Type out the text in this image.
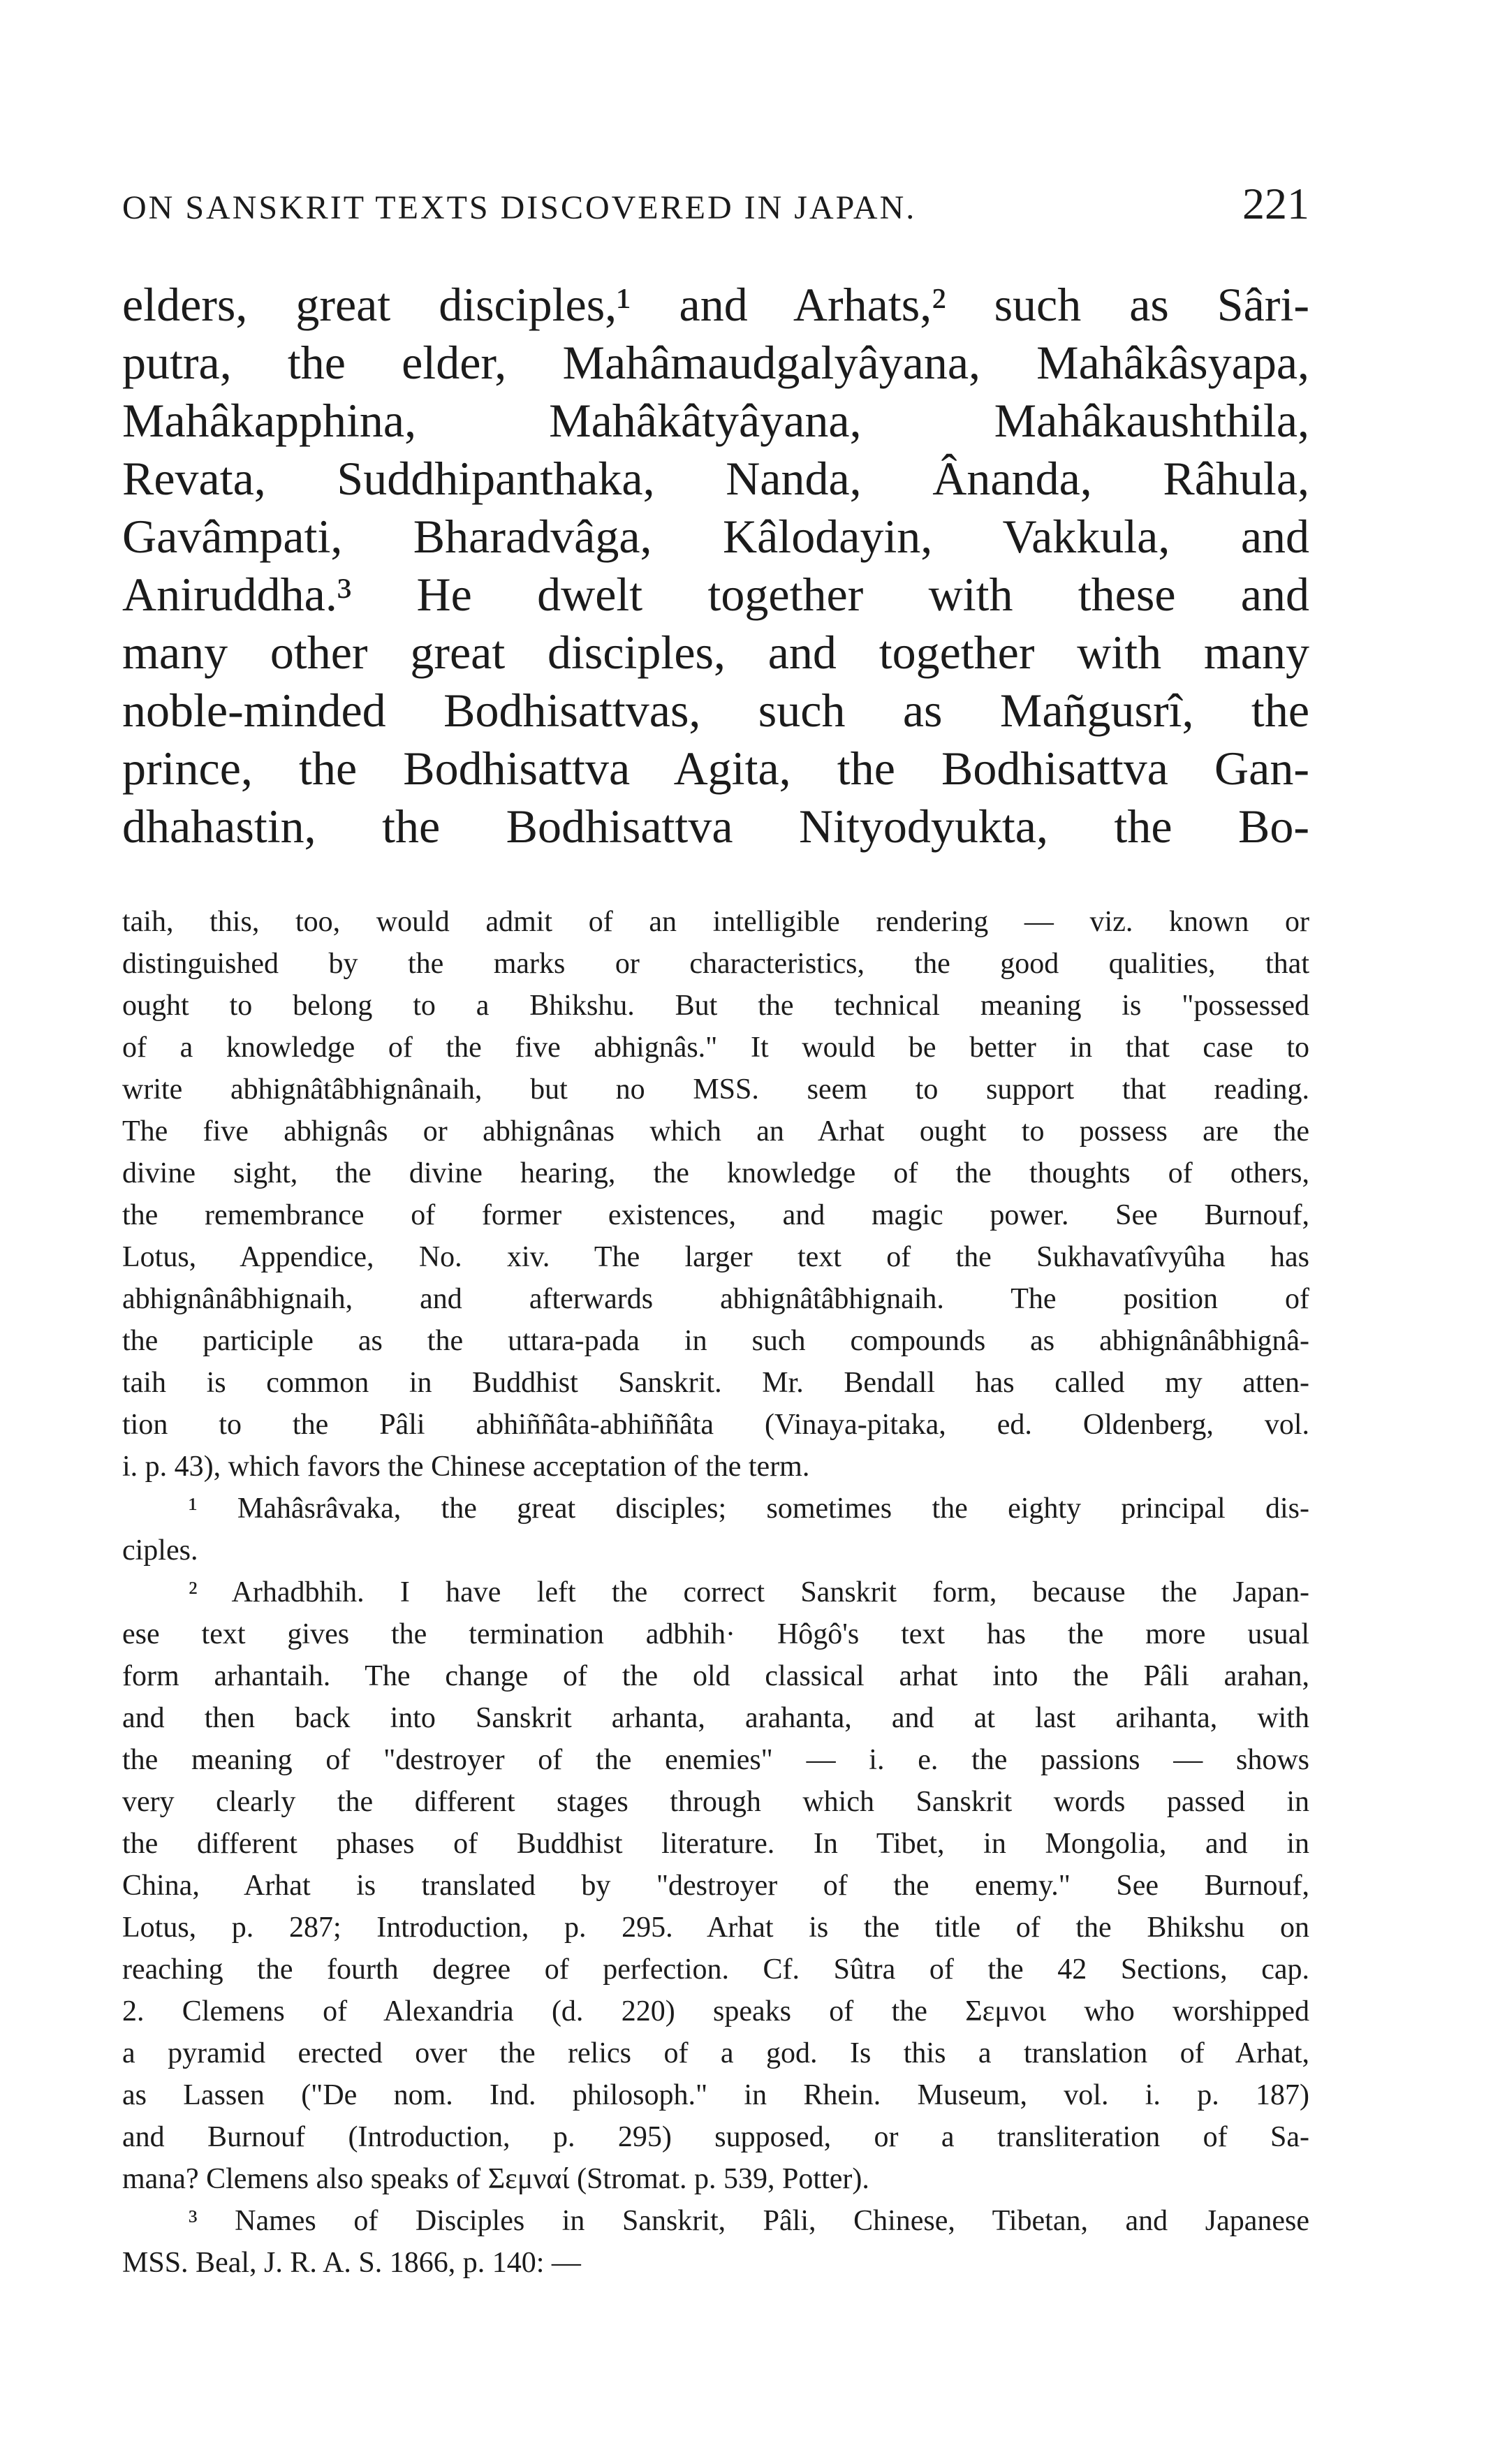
ON SANSKRIT TEXTS DISCOVERED IN JAPAN.	221
elders, great disciples,¹ and Arhats,² such as Sâri-
putra, the elder, Mahâmaudgalyâyana, Mahâkâsyapa,
Mahâkapphina, Mahâkâtyâyana, Mahâkaushthila,
Revata, Suddhipanthaka, Nanda, Ânanda, Râhula,
Gavâmpati, Bharadvâga, Kâlodayin, Vakkula, and
Aniruddha.³ He dwelt together with these and
many other great disciples, and together with many
noble-minded Bodhisattvas, such as Mañgusrî, the
prince, the Bodhisattva Agita, the Bodhisattva Gan-
dhahastin, the Bodhisattva Nityodyukta, the Bo-
taih, this, too, would admit of an intelligible rendering — viz. known or
distinguished by the marks or characteristics, the good qualities, that
ought to belong to a Bhikshu. But the technical meaning is "possessed
of a knowledge of the five abhignâs." It would be better in that case to
write abhignâtâbhignânaih, but no MSS. seem to support that reading.
The five abhignâs or abhignânas which an Arhat ought to possess are the
divine sight, the divine hearing, the knowledge of the thoughts of others,
the remembrance of former existences, and magic power. See Burnouf,
Lotus, Appendice, No. xiv. The larger text of the Sukhavatîvyûha has
abhignânâbhignaih, and afterwards abhignâtâbhignaih. The position of
the participle as the uttara-pada in such compounds as abhignânâbhignâ-
taih is common in Buddhist Sanskrit. Mr. Bendall has called my atten-
tion to the Pâli abhiññâta-abhiññâta (Vinaya-pitaka, ed. Oldenberg, vol.
i. p. 43), which favors the Chinese acceptation of the term.
¹ Mahâsrâvaka, the great disciples; sometimes the eighty principal dis-
ciples.
² Arhadbhih. I have left the correct Sanskrit form, because the Japan-
ese text gives the termination adbhih· Hôgô's text has the more usual
form arhantaih. The change of the old classical arhat into the Pâli arahan,
and then back into Sanskrit arhanta, arahanta, and at last arihanta, with
the meaning of "destroyer of the enemies" — i. e. the passions — shows
very clearly the different stages through which Sanskrit words passed in
the different phases of Buddhist literature. In Tibet, in Mongolia, and in
China, Arhat is translated by "destroyer of the enemy." See Burnouf,
Lotus, p. 287; Introduction, p. 295. Arhat is the title of the Bhikshu on
reaching the fourth degree of perfection. Cf. Sûtra of the 42 Sections, cap.
2. Clemens of Alexandria (d. 220) speaks of the Σεμνοι who worshipped
a pyramid erected over the relics of a god. Is this a translation of Arhat,
as Lassen ("De nom. Ind. philosoph." in Rhein. Museum, vol. i. p. 187)
and Burnouf (Introduction, p. 295) supposed, or a transliteration of Sa-
mana? Clemens also speaks of Σεμναί (Stromat. p. 539, Potter).
³ Names of Disciples in Sanskrit, Pâli, Chinese, Tibetan, and Japanese
MSS. Beal, J. R. A. S. 1866, p. 140: —
